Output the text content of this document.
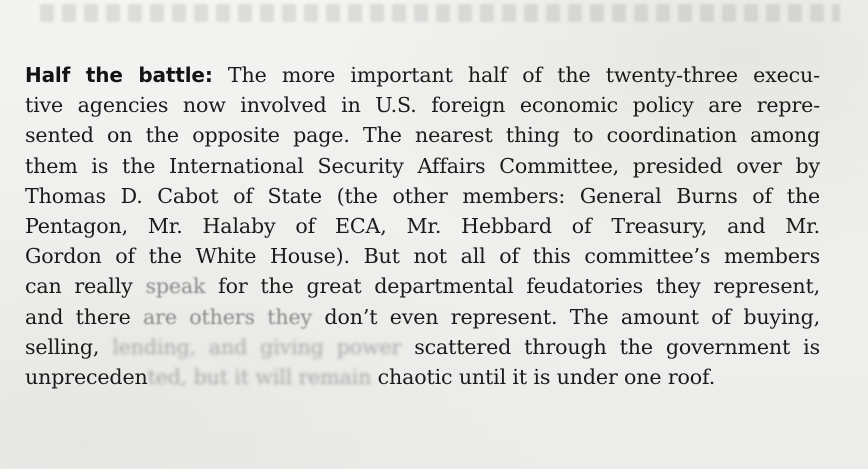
Half the battle: The more important half of the twenty-three execu-
tive agencies now involved in U.S. foreign economic policy are repre-
sented on the opposite page. The nearest thing to coordination among
them is the International Security Affairs Committee, presided over by
Thomas D. Cabot of State (the other members: General Burns of the
Pentagon, Mr. Halaby of ECA, Mr. Hebbard of Treasury, and Mr.
Gordon of the White House). But not all of this committee’s members
can really speak for the great departmental feudatories they represent,
and there are others they don’t even represent. The amount of buying,
selling, lending, and giving power scattered through the government is
unprecedented, but it will remain chaotic until it is under one roof.
